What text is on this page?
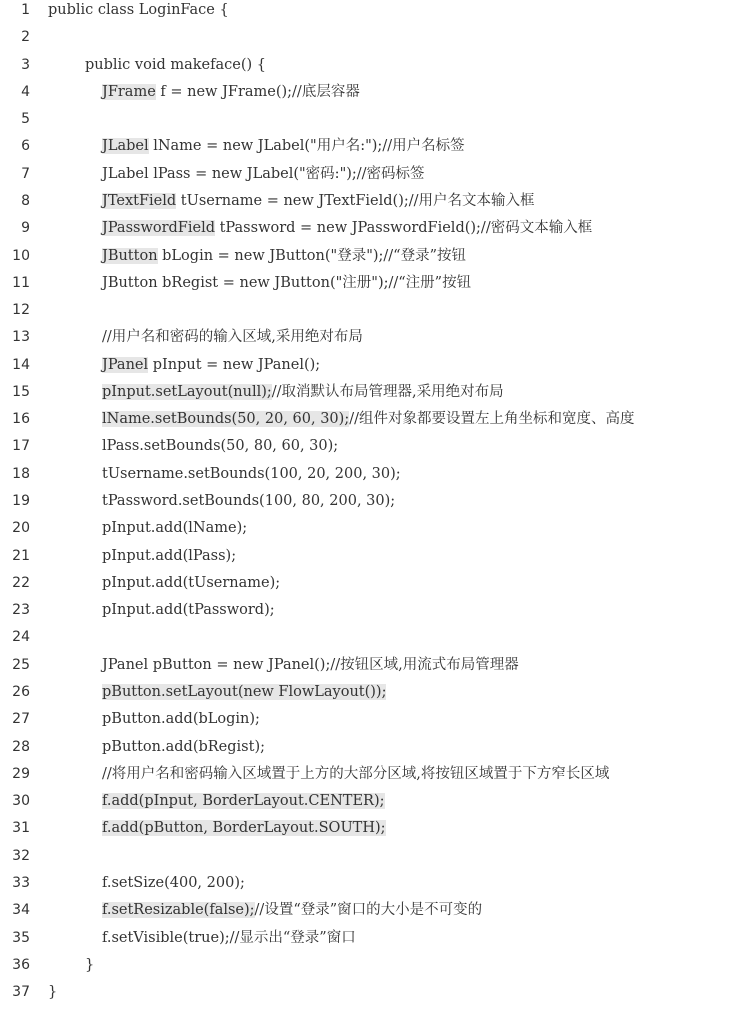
1 public class LoginFace {
2
3	public void makeface() {
4	JFrame f = new JFrame();//底层容器
5
6	JLabel lName = new JLabel("用户名:");//用户名标签
7	JLabel lPass = new JLabel("密码:");//密码标签
8	JTextField tUsername = new JTextField();//用户名文本输入框
9	JPasswordField tPassword = new JPasswordField();//密码文本输入框
10	JButton bLogin = new JButton("登录");//“登录”按钮
11	JButton bRegist = new JButton("注册");//“注册”按钮
12
13	//用户名和密码的输入区域,采用绝对布局
14	JPanel pInput = new JPanel();
15	pInput.setLayout(null);//取消默认布局管理器,采用绝对布局
16	lName.setBounds(50, 20, 60, 30);//组件对象都要设置左上角坐标和宽度、高度
17	lPass.setBounds(50, 80, 60, 30);
18	tUsername.setBounds(100, 20, 200, 30);
19	tPassword.setBounds(100, 80, 200, 30);
20	pInput.add(lName);
21	pInput.add(lPass);
22	pInput.add(tUsername);
23	pInput.add(tPassword);
24
25	JPanel pButton = new JPanel();//按钮区域,用流式布局管理器
26	pButton.setLayout(new FlowLayout());
27	pButton.add(bLogin);
28	pButton.add(bRegist);
29	//将用户名和密码输入区域置于上方的大部分区域,将按钮区域置于下方窄长区域
30	f.add(pInput, BorderLayout.CENTER);
31	f.add(pButton, BorderLayout.SOUTH);
32
33	f.setSize(400, 200);
34	f.setResizable(false);//设置“登录”窗口的大小是不可变的
35	f.setVisible(true);//显示出“登录”窗口
36	}
37 }
